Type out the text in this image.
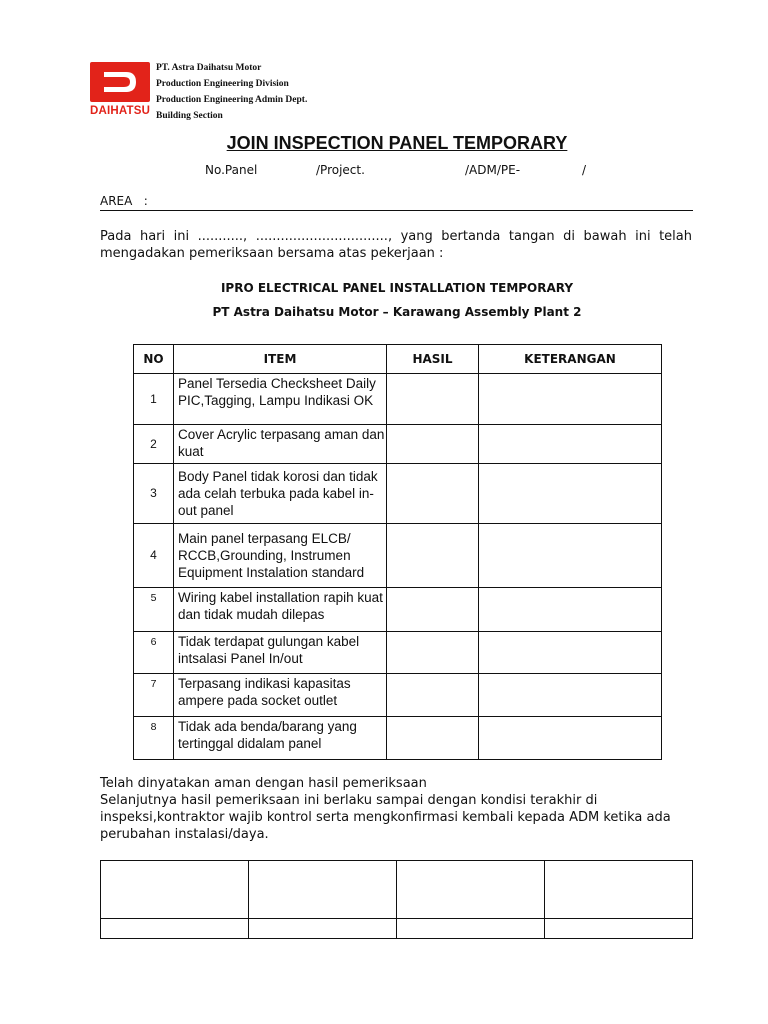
DAIHATSU
PT. Astra Daihatsu Motor
Production Engineering Division
Production Engineering Admin Dept.
Building Section
JOIN INSPECTION PANEL TEMPORARY
No.Panel	/Project.	/ADM/PE-	/
AREA   :
Pada hari ini ..........., ................................, yang bertanda tangan di bawah ini telah mengadakan pemeriksaan bersama atas pekerjaan :
IPRO ELECTRICAL PANEL INSTALLATION TEMPORARY
PT Astra Daihatsu Motor – Karawang Assembly Plant 2
NO	ITEM	HASIL	KETERANGAN
1	Panel Tersedia Checksheet Daily PIC,Tagging, Lampu Indikasi OK		
2	Cover Acrylic terpasang aman dan kuat		
3	Body Panel tidak korosi dan tidak ada celah terbuka pada kabel in-out panel		
4	Main panel terpasang ELCB/ RCCB,Grounding, Instrumen Equipment Instalation standard		
5	Wiring kabel installation rapih kuat dan tidak mudah dilepas		
6	Tidak terdapat gulungan kabel intsalasi Panel In/out		
7	Terpasang indikasi kapasitas ampere pada socket outlet		
8	Tidak ada benda/barang yang tertinggal didalam panel		
Telah dinyatakan aman dengan hasil pemeriksaan
Selanjutnya hasil pemeriksaan ini berlaku sampai dengan kondisi terakhir di inspeksi,kontraktor wajib kontrol serta mengkonfirmasi kembali kepada ADM ketika ada perubahan instalasi/daya.
